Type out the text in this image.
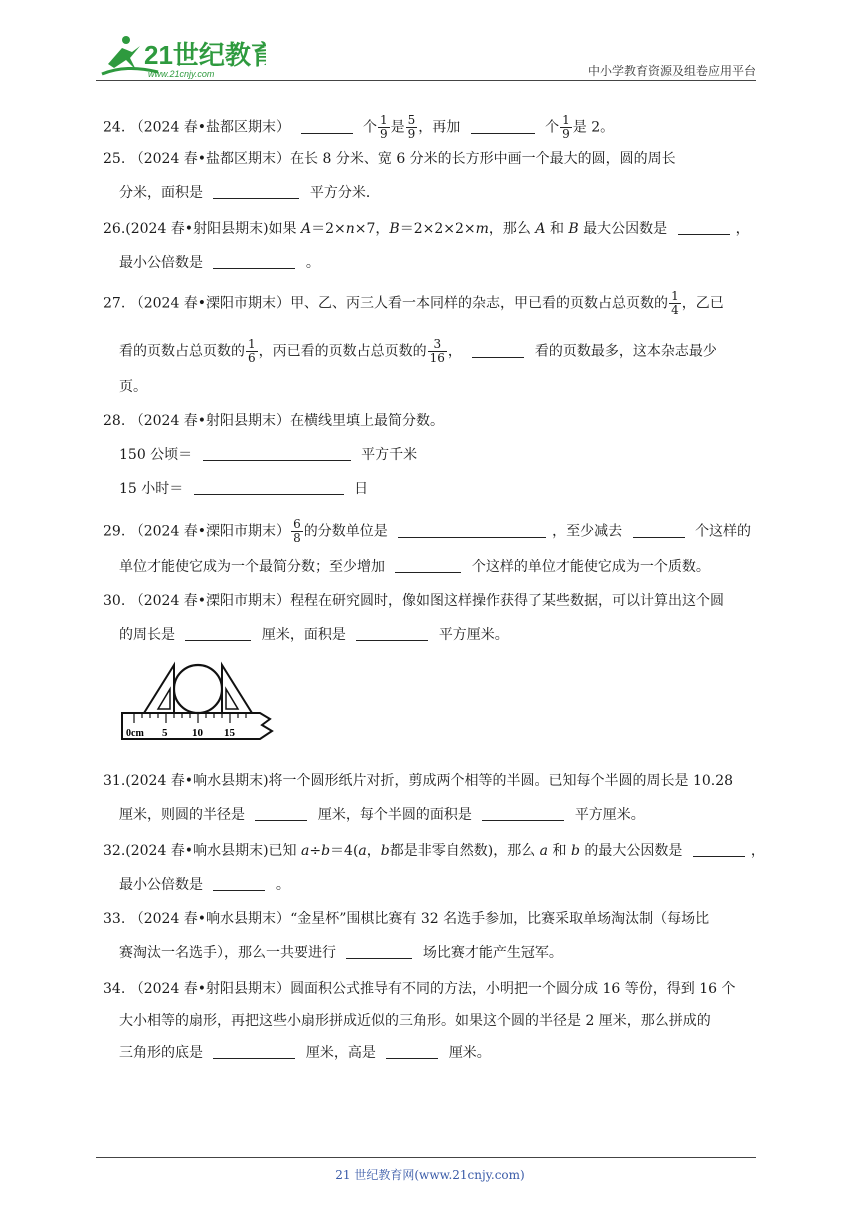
21世纪教育
www.21cnjy.com	中小学教育资源及组卷应用平台
24. （2024 春•盐都区期末）	个 $\frac{1}{9}$ 是 $\frac{5}{9}$ ，再加	个 $\frac{1}{9}$ 是 2。
25. （2024 春•盐都区期末）在长 8 分米、宽 6 分米的长方形中画一个最大的圆，圆的周长
分米，面积是	平方分米．
26.(2024 春•射阳县期末)如果 A＝2×n×7，B＝2×2×2×m，那么 A 和 B 最大公因数是	，
最小公倍数是	。
27. （2024 春•溧阳市期末）甲、乙、丙三人看一本同样的杂志，甲已看的页数占总页数的 $\frac{1}{4}$ ，乙已
看的页数占总页数的 $\frac{1}{6}$ ，丙已看的页数占总页数的 $\frac{3}{16}$ ，	看的页数最多，这本杂志最少
页。
28. （2024 春•射阳县期末）在横线里填上最简分数。
150 公顷＝	平方千米
15 小时＝	日
29. （2024 春•溧阳市期末） $\frac{6}{8}$ 的分数单位是	，至少减去	个这样的
单位才能使它成为一个最简分数；至少增加	个这样的单位才能使它成为一个质数。
30. （2024 春•溧阳市期末）程程在研究圆时，像如图这样操作获得了某些数据，可以计算出这个圆
的周长是	厘米，面积是	平方厘米。
0cm 5 10 15
31.(2024 春•响水县期末)将一个圆形纸片对折，剪成两个相等的半圆。已知每个半圆的周长是 10.28
厘米，则圆的半径是	厘米，每个半圆的面积是	平方厘米。
32.(2024 春•响水县期末)已知 a÷b＝4(a，b都是非零自然数)，那么 a 和 b 的最大公因数是	，
最小公倍数是	。
33. （2024 春•响水县期末）“金星杯”围棋比赛有 32 名选手参加，比赛采取单场淘汰制（每场比
赛淘汰一名选手），那么一共要进行	场比赛才能产生冠军。
34. （2024 春•射阳县期末）圆面积公式推导有不同的方法，小明把一个圆分成 16 等份，得到 16 个
大小相等的扇形，再把这些小扇形拼成近似的三角形。如果这个圆的半径是 2 厘米，那么拼成的
三角形的底是	厘米，高是	厘米。
21 世纪教育网(www.21cnjy.com)
